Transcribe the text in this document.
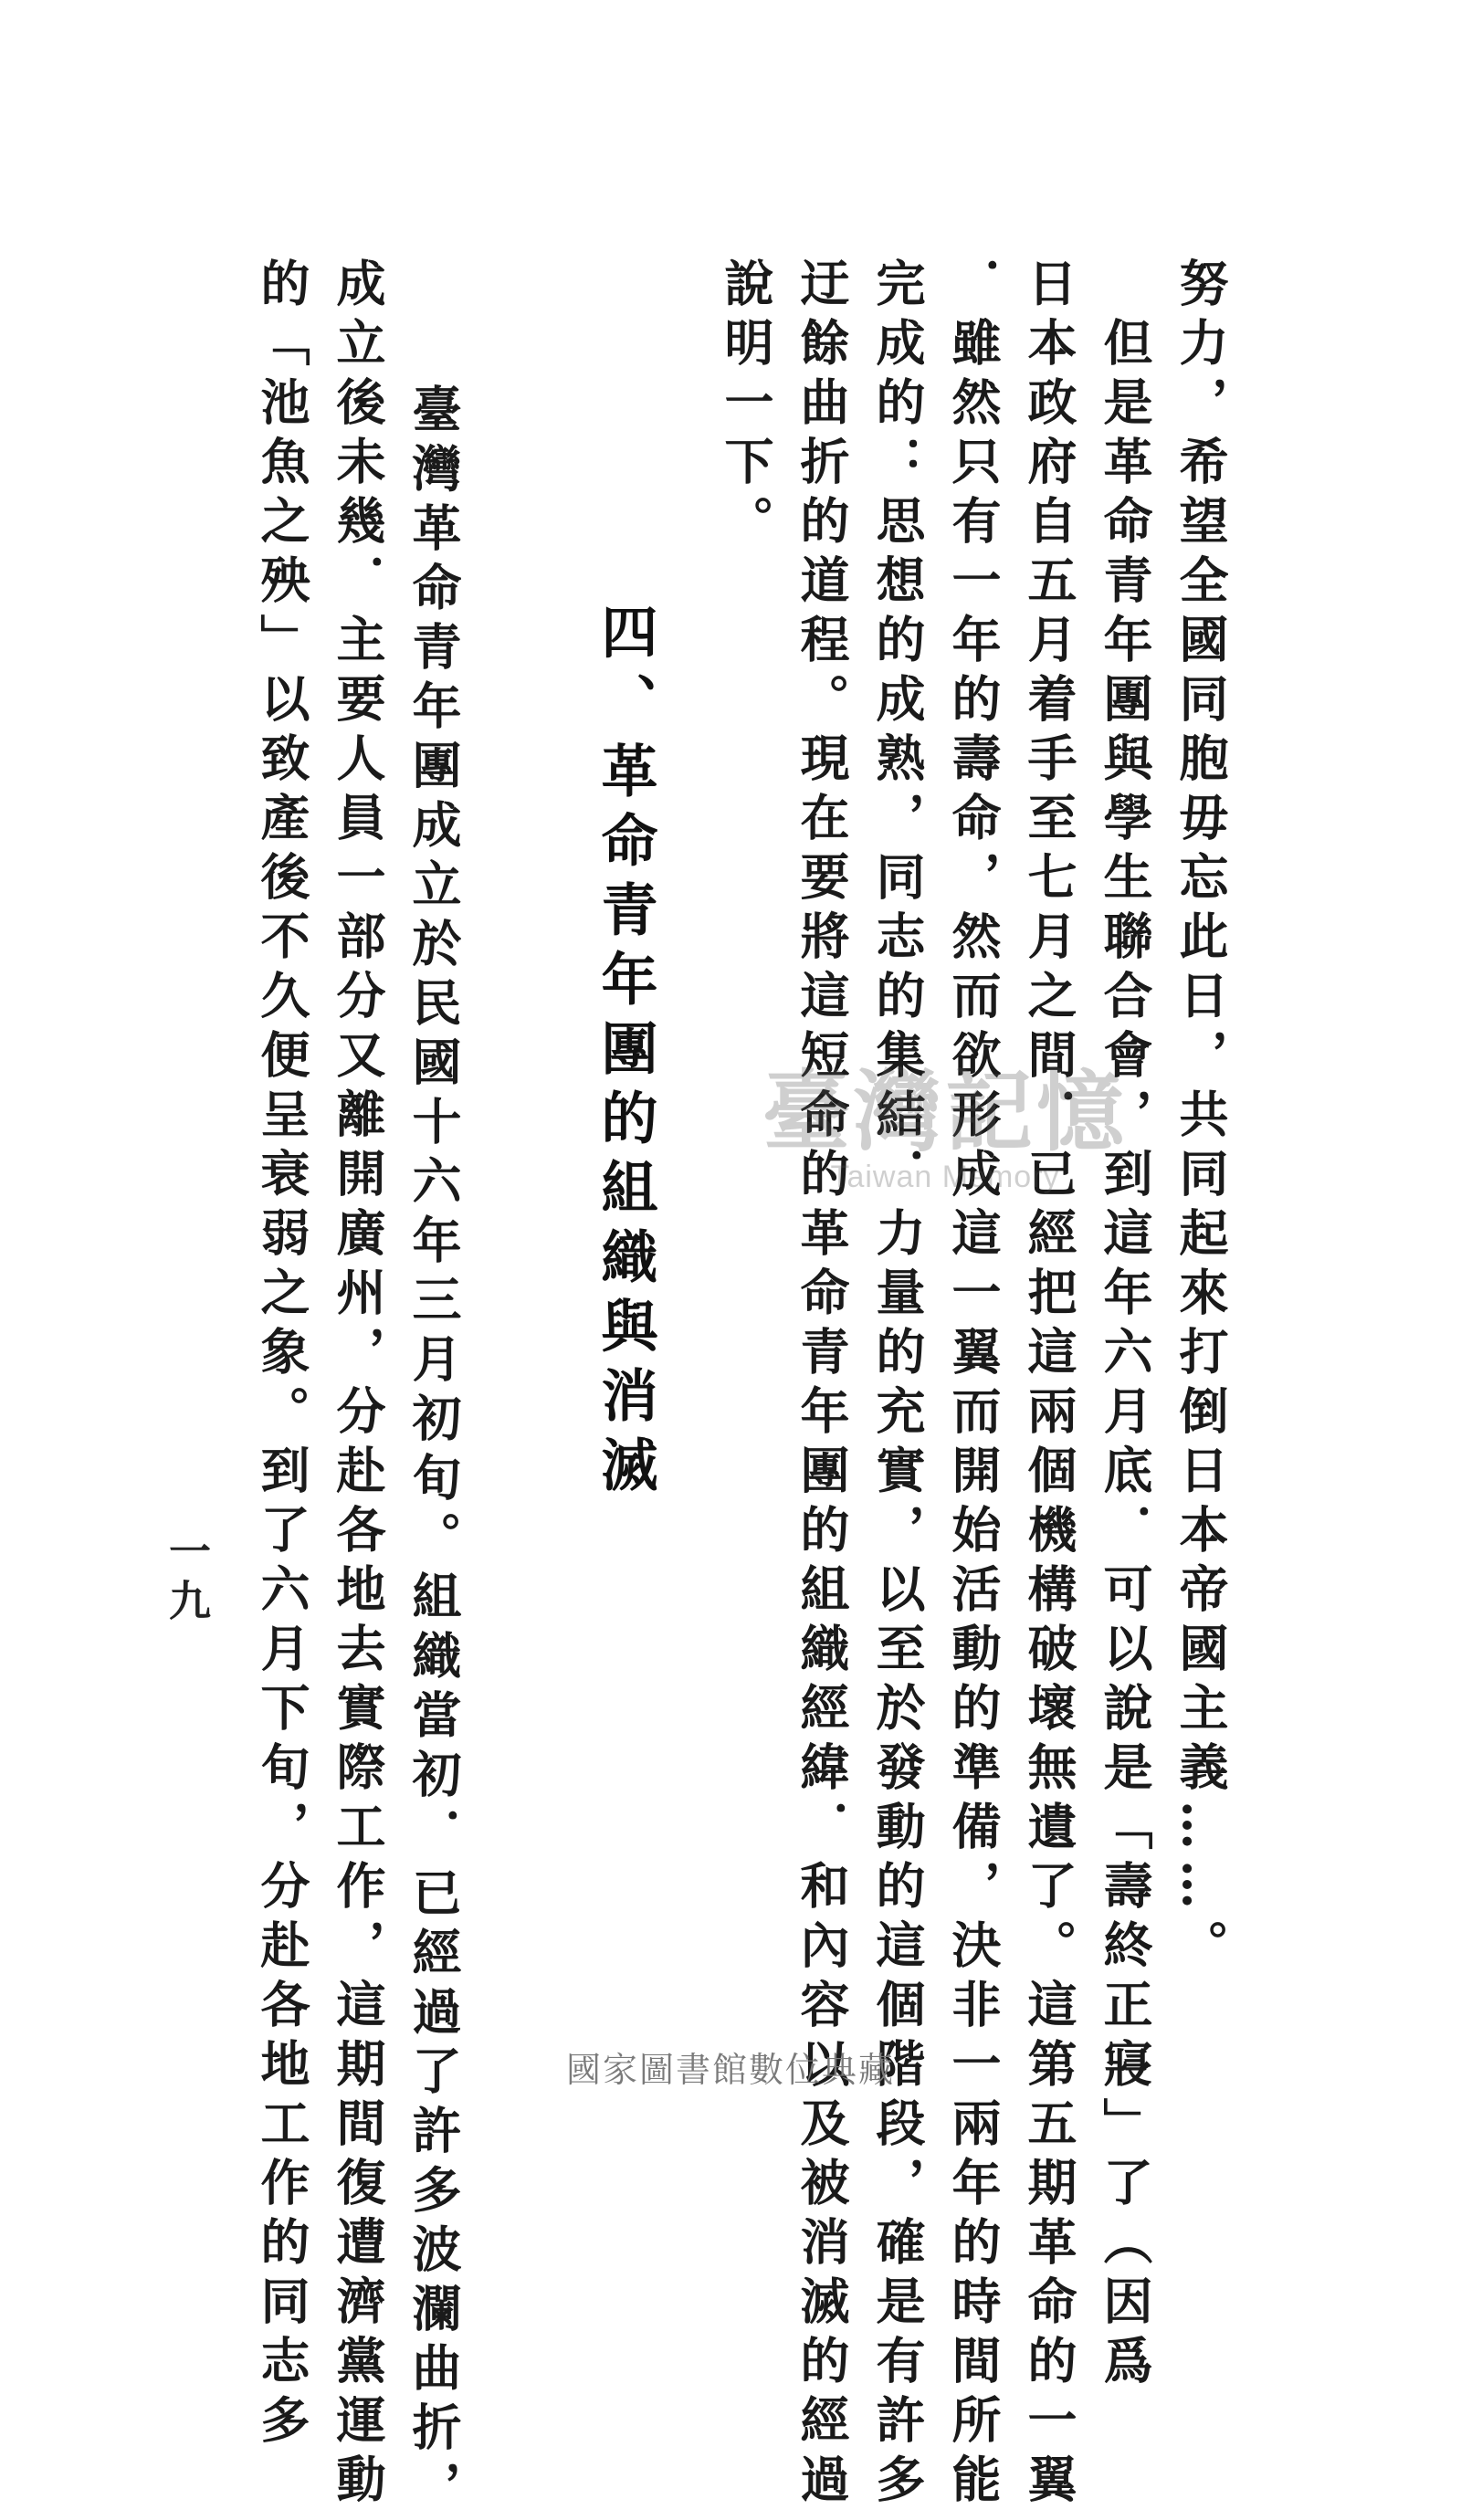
努力，希望全國同胞毋忘此日，共同起來打倒日本帝國主義……。
　但是革命青年團與學生聯合會，到這年六月底．可以說是「壽終正寢」了（因爲
日本政府自五月着手至七月之間．已經把這兩個機構破壞無遺了。這第五期革命的一翼
．雖然只有一年的壽命，然而欲形成這一翼而開始活動的準備，決非一兩年的時間所能
完成的：思想的成熟，同志的集結．力量的充實，以至於發動的這個階段，確是有許多
迂餘曲折的道程。現在要將這短命的革命青年團的組織經緯．和內容以及被消滅的經過
說明一下。
四、革命青年團的組織與消滅
　臺灣革命青年團成立於民國十六年三月初旬。組織當初．已經過了許多波瀾曲折，
成立後未幾．主要人員一部分又離開廣州，分赴各地去實際工作，這期間復遭濟黨運動
的「池魚之殃」以致產後不久便呈衰弱之象。到了六月下旬，分赴各地工作的同志多
一九
臺灣記憶
Taiwan Memory
國家圖書館數位典藏
